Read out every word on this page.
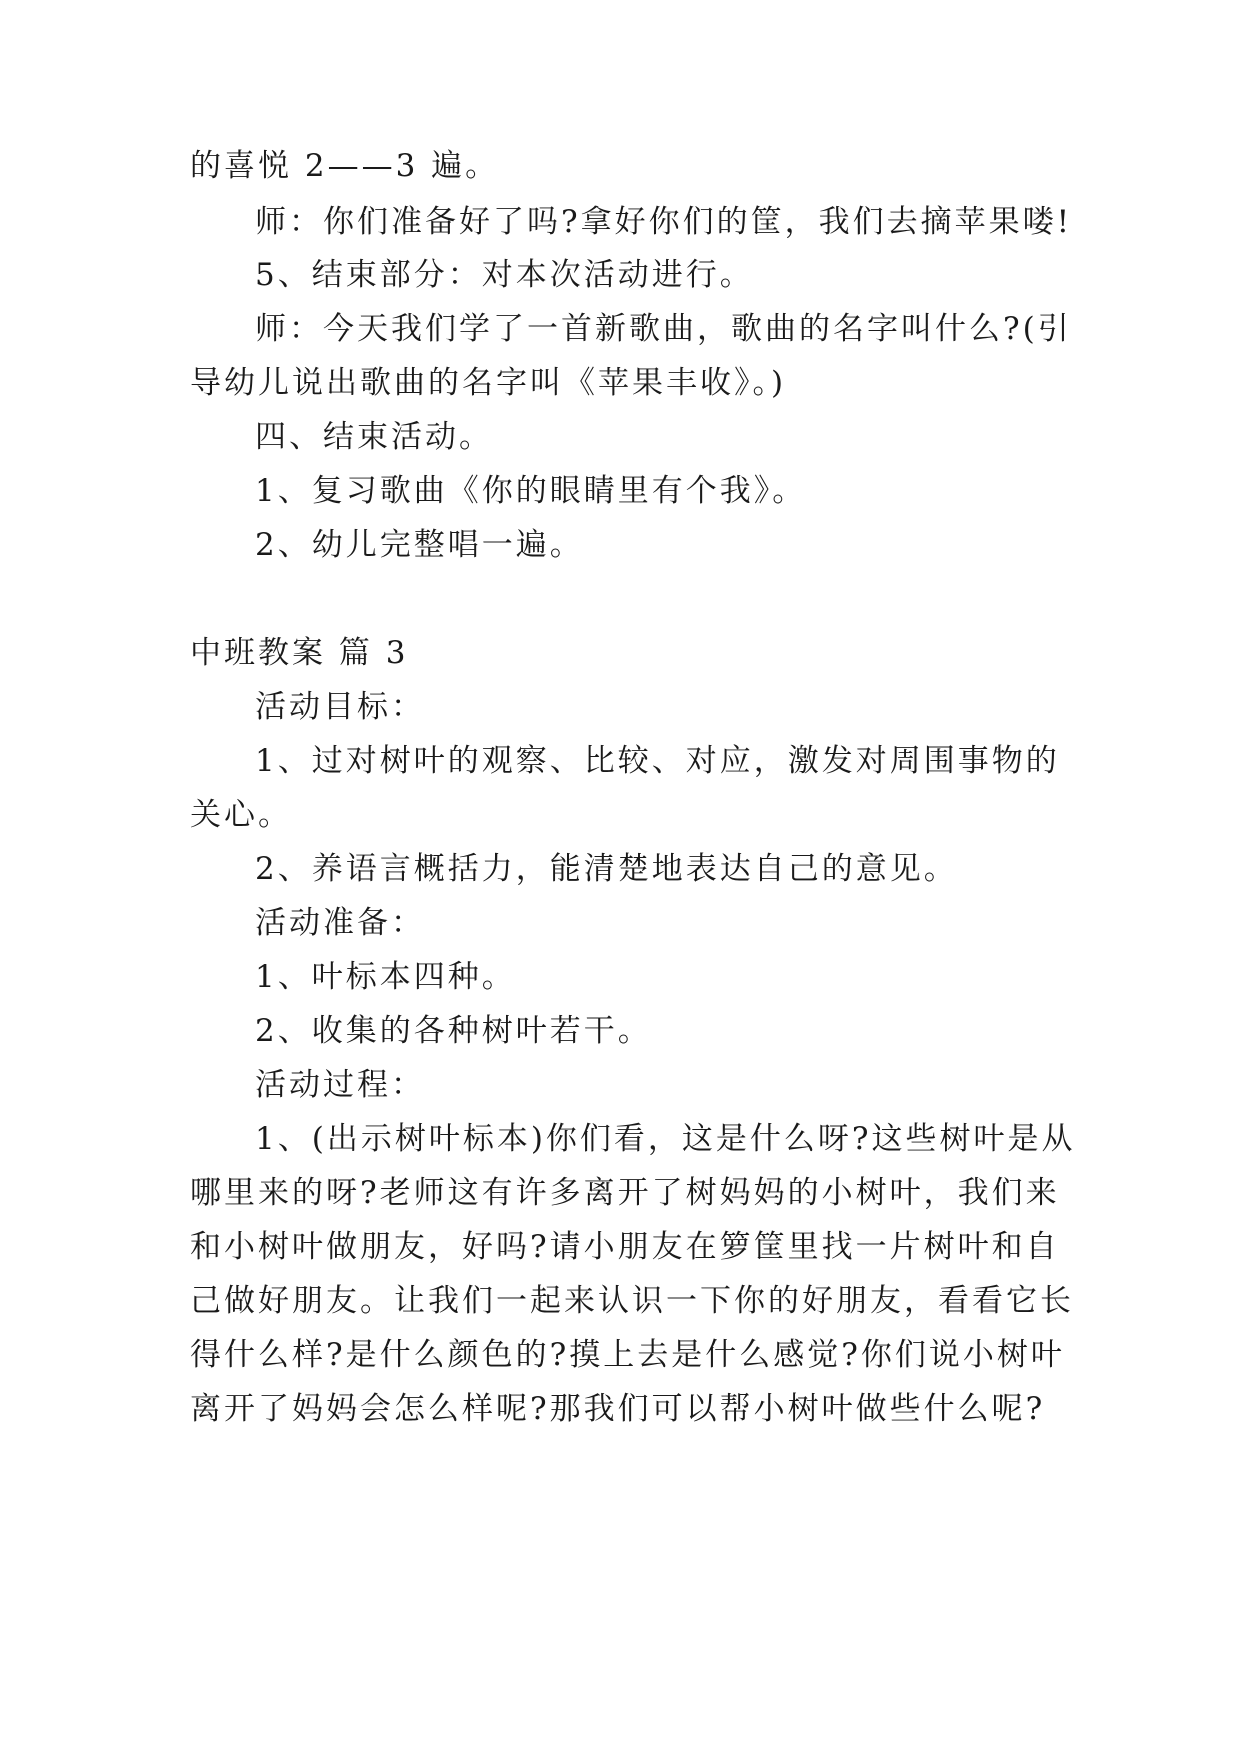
的喜悦 2——3 遍。
师：你们准备好了吗?拿好你们的筐，我们去摘苹果喽!
5、结束部分：对本次活动进行。
师：今天我们学了一首新歌曲，歌曲的名字叫什么?(引
导幼儿说出歌曲的名字叫《苹果丰收》。)
四、结束活动。
1、复习歌曲《你的眼睛里有个我》。
2、幼儿完整唱一遍。
中班教案 篇 3
活动目标：
1、过对树叶的观察、比较、对应，激发对周围事物的
关心。
2、养语言概括力，能清楚地表达自己的意见。
活动准备：
1、叶标本四种。
2、收集的各种树叶若干。
活动过程：
1、(出示树叶标本)你们看，这是什么呀?这些树叶是从
哪里来的呀?老师这有许多离开了树妈妈的小树叶，我们来
和小树叶做朋友，好吗?请小朋友在箩筐里找一片树叶和自
己做好朋友。让我们一起来认识一下你的好朋友，看看它长
得什么样?是什么颜色的?摸上去是什么感觉?你们说小树叶
离开了妈妈会怎么样呢?那我们可以帮小树叶做些什么呢?
